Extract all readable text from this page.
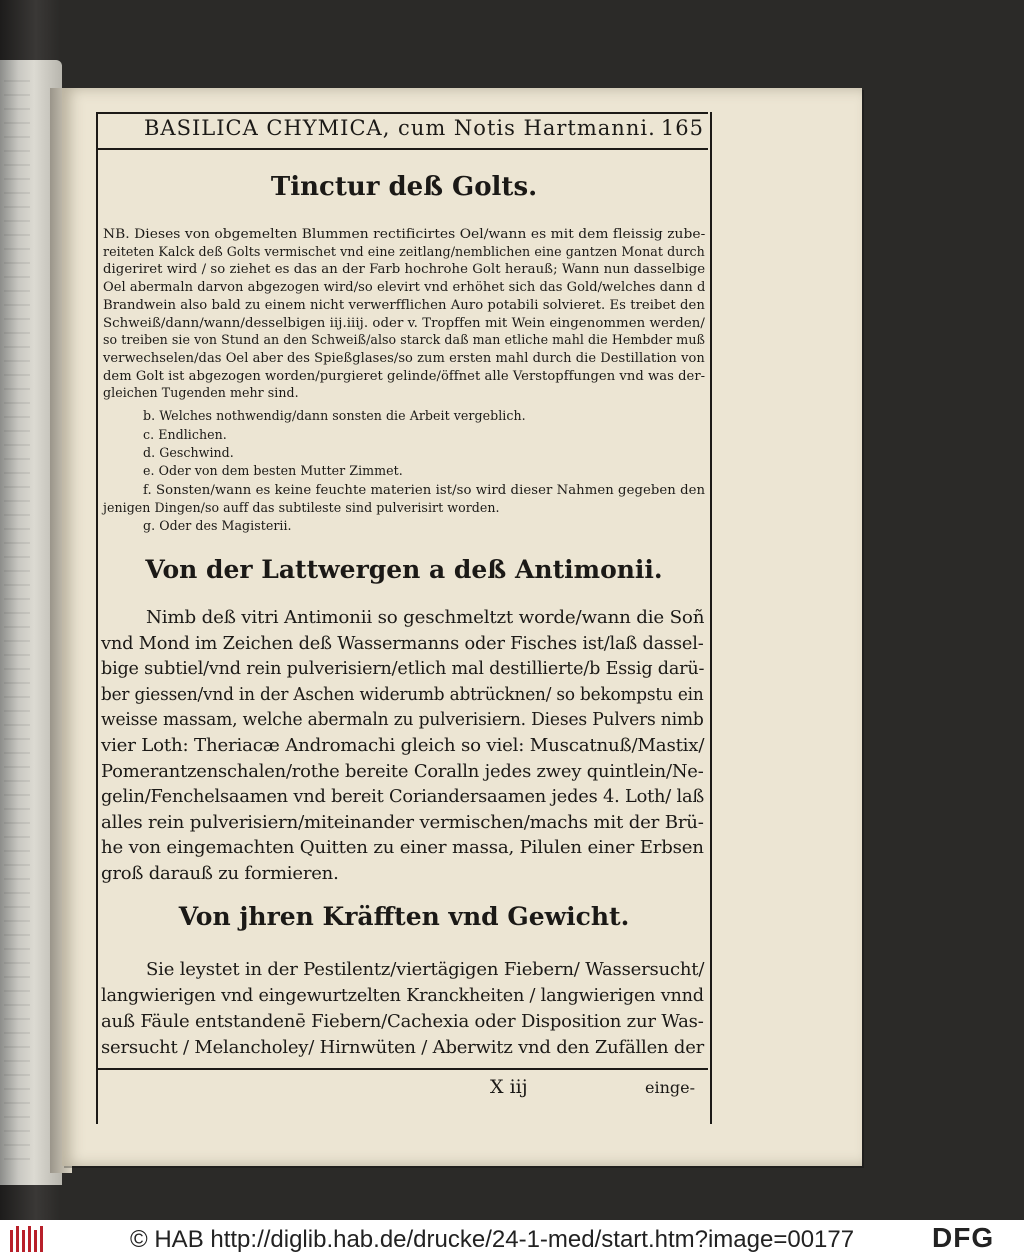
BASILICA CHYMICA, cum Notis Hartmanni. 165
Tinctur deß Golts.
NB. Dieses von obgemelten Blummen rectificirtes Oel/wann es mit dem fleissig zube-
reiteten Kalck deß Golts vermischet vnd eine zeitlang/nemblichen eine gantzen Monat durch
digeriret wird / so ziehet es das an der Farb hochrohe Golt herauß; Wann nun dasselbige
Oel abermaln darvon abgezogen wird/so elevirt vnd erhöhet sich das Gold/welches dann d
Brandwein also bald zu einem nicht verwerfflichen Auro potabili solvieret. Es treibet den
Schweiß/dann/wann/desselbigen iij.iiij. oder v. Tropffen mit Wein eingenommen werden/
so treiben sie von Stund an den Schweiß/also starck daß man etliche mahl die Hembder muß
verwechselen/das Oel aber des Spießglases/so zum ersten mahl durch die Destillation von
dem Golt ist abgezogen worden/purgieret gelinde/öffnet alle Verstopffungen vnd was der-
gleichen Tugenden mehr sind.
b. Welches nothwendig/dann sonsten die Arbeit vergeblich.
c. Endlichen.
d. Geschwind.
e. Oder von dem besten Mutter Zimmet.
f. Sonsten/wann es keine feuchte materien ist/so wird dieser Nahmen gegeben den
jenigen Dingen/so auff das subtileste sind pulverisirt worden.
g. Oder des Magisterii.
Von der Lattwergen a deß Antimonii.
Nimb deß vitri Antimonii so geschmeltzt worde/wann die Soñ
vnd Mond im Zeichen deß Wassermanns oder Fisches ist/laß dassel-
bige subtiel/vnd rein pulverisiern/etlich mal destillierte/b Essig darü-
ber giessen/vnd in der Aschen widerumb abtrücknen/ so bekompstu ein
weisse massam, welche abermaln zu pulverisiern. Dieses Pulvers nimb
vier Loth: Theriacæ Andromachi gleich so viel: Muscatnuß/Mastix/
Pomerantzenschalen/rothe bereite Coralln jedes zwey quintlein/Ne-
gelin/Fenchelsaamen vnd bereit Coriandersaamen jedes 4. Loth/ laß
alles rein pulverisiern/miteinander vermischen/machs mit der Brü-
he von eingemachten Quitten zu einer massa, Pilulen einer Erbsen
groß darauß zu formieren.
Von jhren Kräfften vnd Gewicht.
Sie leystet in der Pestilentz/viertägigen Fiebern/ Wassersucht/
langwierigen vnd eingewurtzelten Kranckheiten / langwierigen vnnd
auß Fäule entstandenē Fiebern/Cachexia oder Disposition zur Was-
sersucht / Melancholey/ Hirnwüten / Aberwitz vnd den Zufällen der
X iij	einge-
© HAB http://diglib.hab.de/drucke/24-1-med/start.htm?image=00177	DFG
